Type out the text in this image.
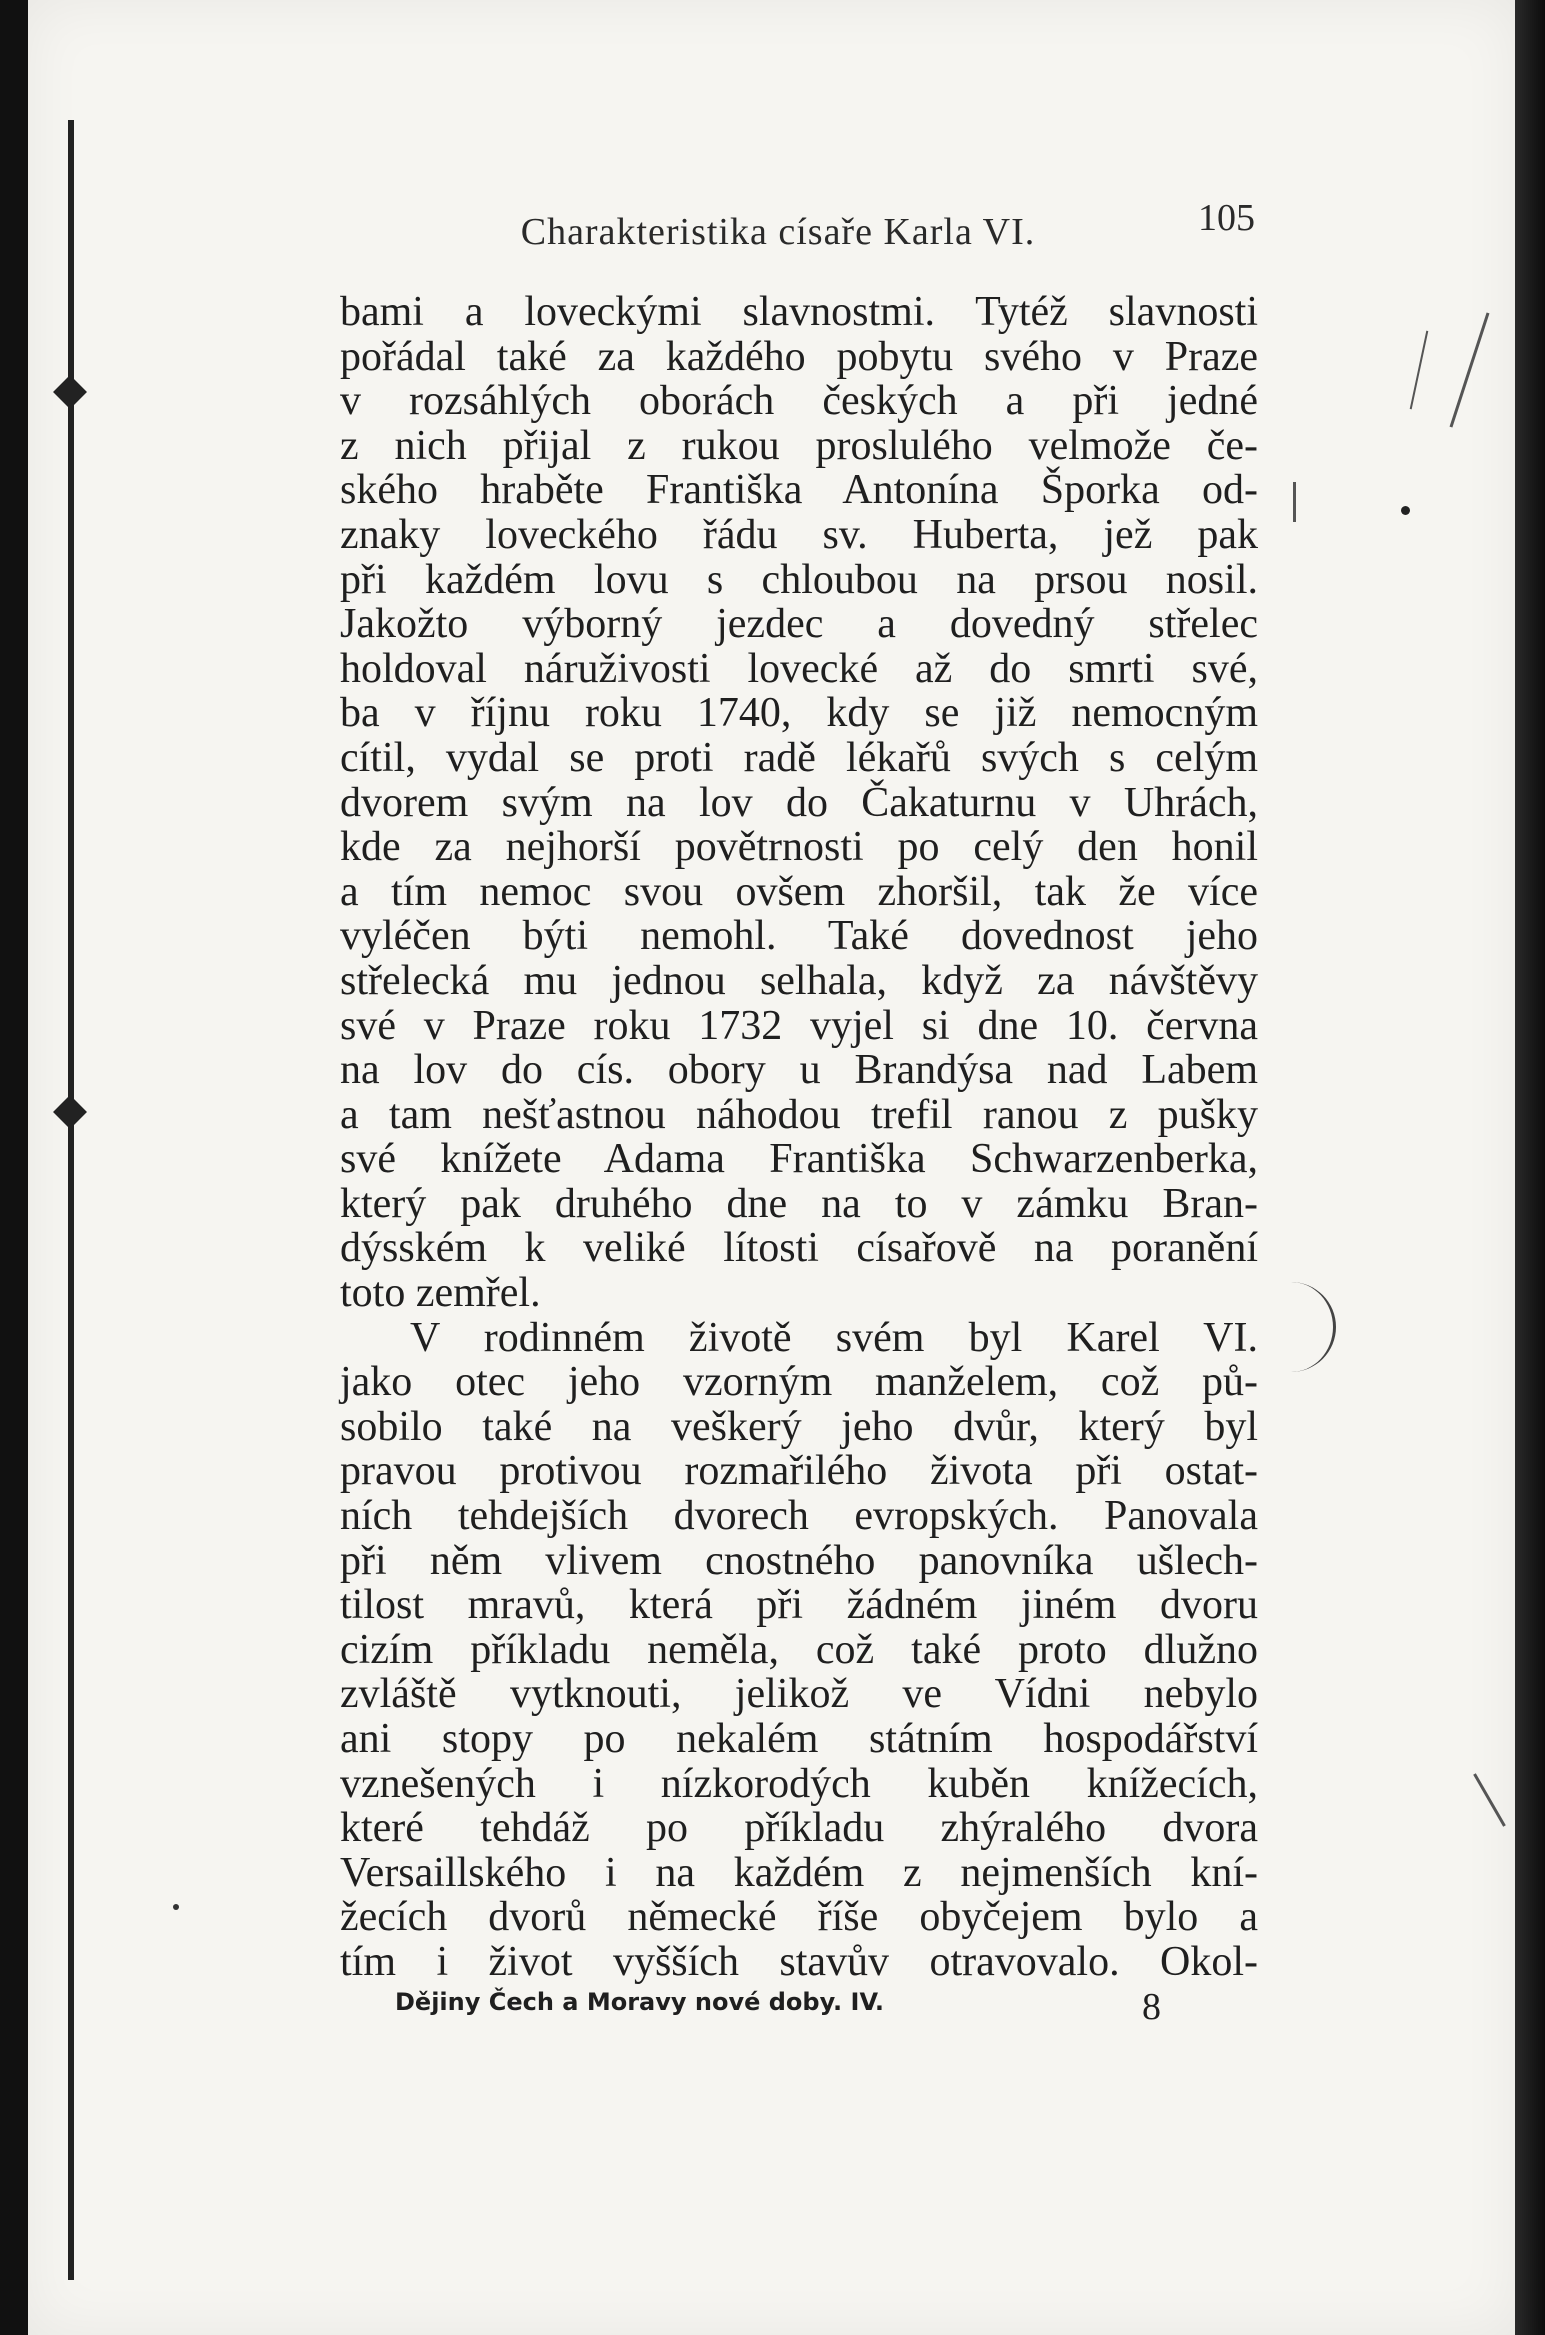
Charakteristika císaře Karla VI.	105
bami a loveckými slavnostmi. Tytéž slavnosti
pořádal také za každého pobytu svého v Praze
v rozsáhlých oborách českých a při jedné
z nich přijal z rukou proslulého velmože če-
ského hraběte Františka Antonína Šporka od-
znaky loveckého řádu sv. Huberta, jež pak
při každém lovu s chloubou na prsou nosil.
Jakožto výborný jezdec a dovedný střelec
holdoval náruživosti lovecké až do smrti své,
ba v říjnu roku 1740, kdy se již nemocným
cítil, vydal se proti radě lékařů svých s celým
dvorem svým na lov do Čakaturnu v Uhrách,
kde za nejhorší povětrnosti po celý den honil
a tím nemoc svou ovšem zhoršil, tak že více
vyléčen býti nemohl. Také dovednost jeho
střelecká mu jednou selhala, když za návštěvy
své v Praze roku 1732 vyjel si dne 10. června
na lov do cís. obory u Brandýsa nad Labem
a tam nešťastnou náhodou trefil ranou z pušky
své knížete Adama Františka Schwarzenberka,
který pak druhého dne na to v zámku Bran-
dýsském k veliké lítosti císařově na poranění
toto zemřel.
V rodinném životě svém byl Karel VI.
jako otec jeho vzorným manželem, což pů-
sobilo také na veškerý jeho dvůr, který byl
pravou protivou rozmařilého života při ostat-
ních tehdejších dvorech evropských. Panovala
při něm vlivem cnostného panovníka ušlech-
tilost mravů, která při žádném jiném dvoru
cizím příkladu neměla, což také proto dlužno
zvláště vytknouti, jelikož ve Vídni nebylo
ani stopy po nekalém státním hospodářství
vznešených i nízkorodých kuběn knížecích,
které tehdáž po příkladu zhýralého dvora
Versaillského i na každém z nejmenších kní-
žecích dvorů německé říše obyčejem bylo a
tím i život vyšších stavův otravovalo. Okol-
Dějiny Čech a Moravy nové doby. IV.	8
